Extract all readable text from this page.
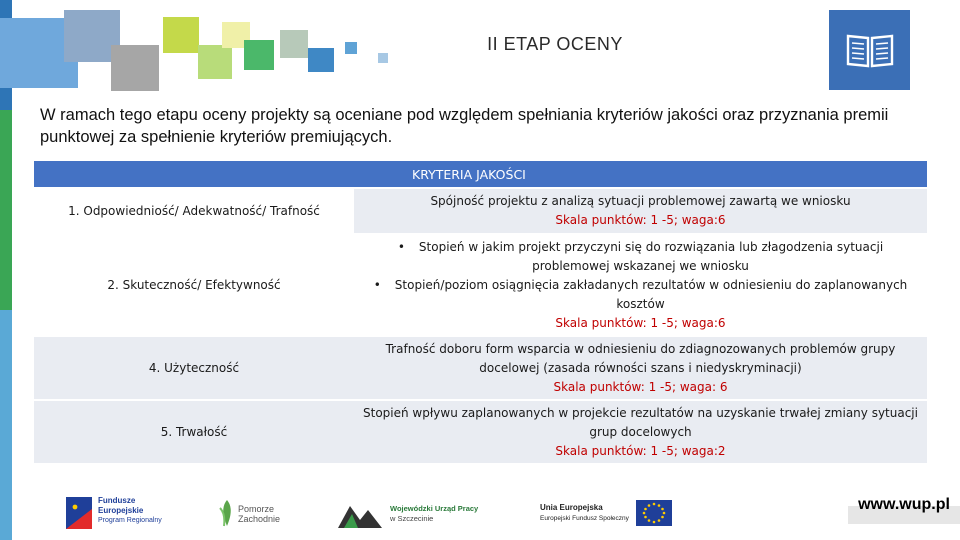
II ETAP OCENY
W ramach tego etapu oceny projekty są oceniane pod względem spełniania kryteriów jakości oraz przyznania premii punktowej za spełnienie kryteriów premiujących.
KRYTERIA JAKOŚCI
1. Odpowiedniość/ Adekwatność/ Trafność
Spójność projektu z analizą sytuacji problemowej zawartą we wniosku
Skala punktów: 1 -5; waga:6
2. Skuteczność/ Efektywność
• Stopień w jakim projekt przyczyni się do rozwiązania lub złagodzenia sytuacji problemowej wskazanej we wniosku
• Stopień/poziom osiągnięcia zakładanych rezultatów w odniesieniu do zaplanowanych kosztów
Skala punktów: 1 -5; waga:6
4. Użyteczność
Trafność doboru form wsparcia w odniesieniu do zdiagnozowanych problemów grupy docelowej (zasada równości szans i niedyskryminacji)
Skala punktów: 1 -5; waga: 6
5. Trwałość
Stopień wpływu zaplanowanych w projekcie rezultatów na uzyskanie trwałej zmiany sytuacji grup docelowych
Skala punktów: 1 -5; waga:2
Fundusze
Europejskie
Program Regionalny
Pomorze
Zachodnie
Wojewódzki Urząd Pracy
w Szczecinie
Unia Europejska
Europejski Fundusz Społeczny
www.wup.pl
